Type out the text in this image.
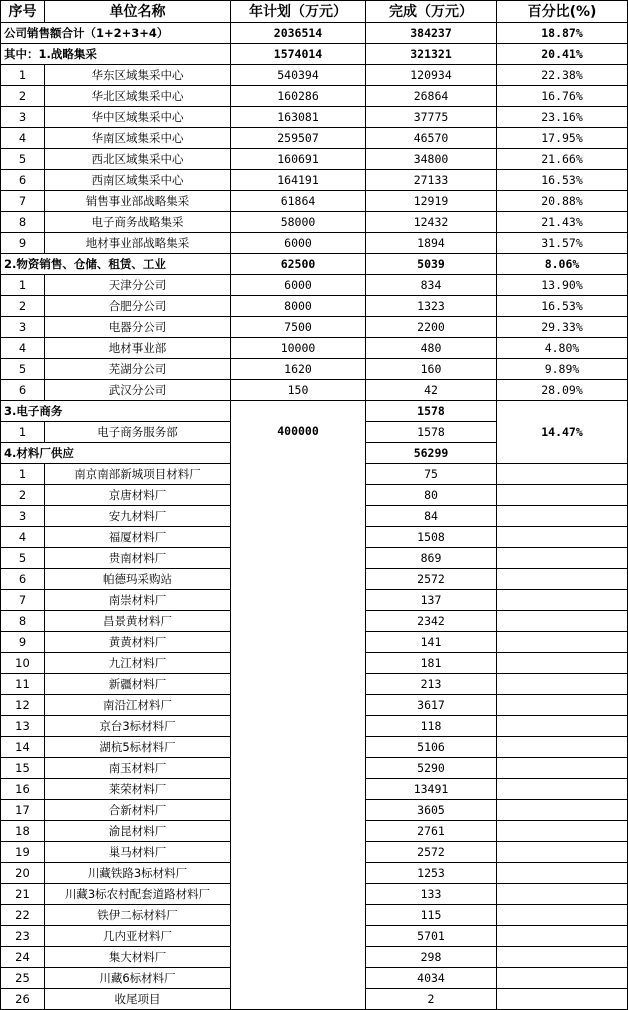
序号	单位名称	年计划（万元）	完成（万元）	百分比(%)
公司销售额合计（1+2+3+4）		2036514	384237	18.87%
其中：1.战略集采		1574014	321321	20.41%
1	华东区域集采中心	540394	120934	22.38%
2	华北区域集采中心	160286	26864	16.76%
3	华中区域集采中心	163081	37775	23.16%
4	华南区域集采中心	259507	46570	17.95%
5	西北区域集采中心	160691	34800	21.66%
6	西南区域集采中心	164191	27133	16.53%
7	销售事业部战略集采	61864	12919	20.88%
8	电子商务战略集采	58000	12432	21.43%
9	地材事业部战略集采	6000	1894	31.57%
2.物资销售、仓储、租赁、工业		62500	5039	8.06%
1	天津分公司	6000	834	13.90%
2	合肥分公司	8000	1323	16.53%
3	电器分公司	7500	2200	29.33%
4	地材事业部	10000	480	4.80%
5	芜湖分公司	1620	160	9.89%
6	武汉分公司	150	42	28.09%
3.电子商务		400000	1578	14.47%
1	电子商务服务部		1578	
4.材料厂供应			56299	
1	南京南部新城项目材料厂		75	
2	京唐材料厂		80	
3	安九材料厂		84	
4	福厦材料厂		1508	
5	贵南材料厂		869	
6	帕德玛采购站		2572	
7	南崇材料厂		137	
8	昌景黄材料厂		2342	
9	黄黄材料厂		141	
10	九江材料厂		181	
11	新疆材料厂		213	
12	南沿江材料厂		3617	
13	京台3标材料厂		118	
14	湖杭5标材料厂		5106	
15	南玉材料厂		5290	
16	莱荣材料厂		13491	
17	合新材料厂		3605	
18	渝昆材料厂		2761	
19	巢马材料厂		2572	
20	川藏铁路3标材料厂		1253	
21	川藏3标农村配套道路材料厂		133	
22	铁伊二标材料厂		115	
23	几内亚材料厂		5701	
24	集大材料厂		298	
25	川藏6标材料厂		4034	
26	收尾项目		2	
